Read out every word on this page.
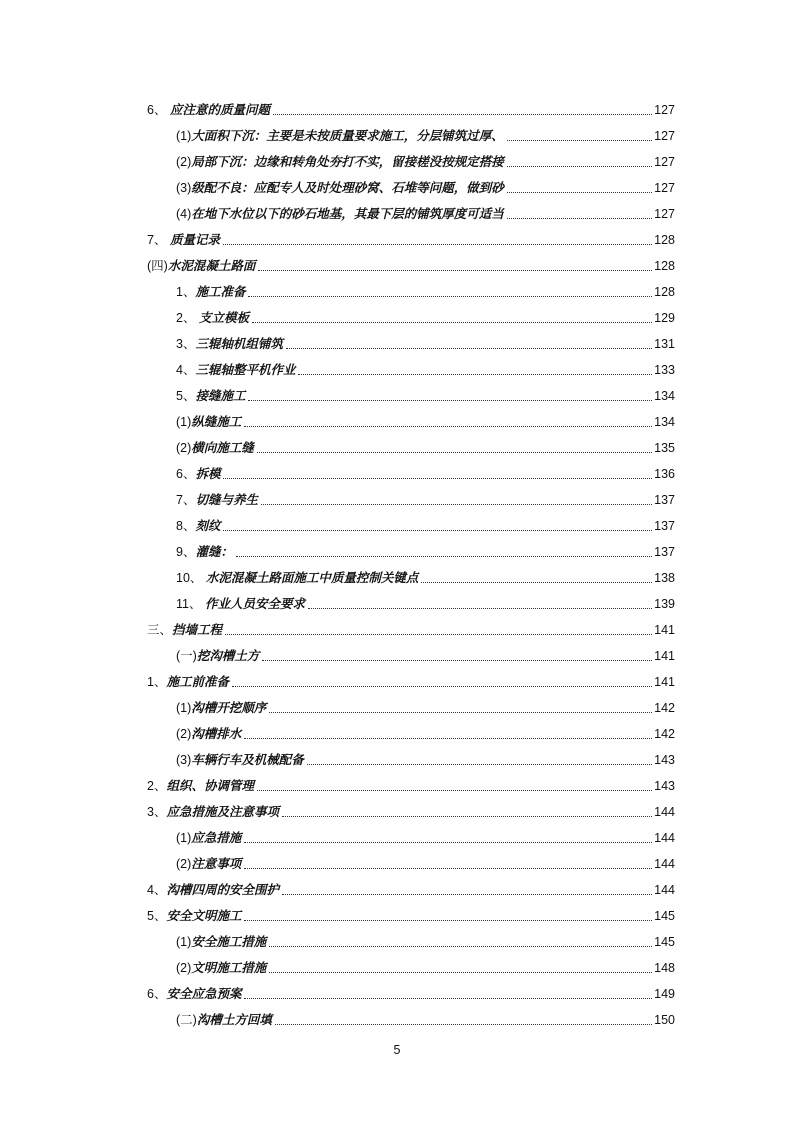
6、 应注意的质量问题	127
(1)大面积下沉：主要是未按质量要求施工，分层铺筑过厚、	127
(2)局部下沉：边缘和转角处夯打不实，留接槎没按规定搭接	127
(3)级配不良：应配专人及时处理砂窝、石堆等问题，做到砂	127
(4)在地下水位以下的砂石地基，其最下层的铺筑厚度可适当	127
7、 质量记录	128
(四)水泥混凝土路面	128
1、施工准备	128
2、 支立模板	129
3、三辊轴机组铺筑	131
4、三辊轴整平机作业	133
5、接缝施工	134
(1)纵缝施工	134
(2)横向施工缝	135
6、拆模	136
7、切缝与养生	137
8、刻纹	137
9、灌缝：	137
10、 水泥混凝土路面施工中质量控制关键点	138
11、 作业人员安全要求	139
三、挡墙工程	141
(一)挖沟槽土方	141
1、施工前准备	141
(1)沟槽开挖顺序	142
(2)沟槽排水	142
(3)车辆行车及机械配备	143
2、组织、协调管理	143
3、应急措施及注意事项	144
(1)应急措施	144
(2)注意事项	144
4、沟槽四周的安全围护	144
5、安全文明施工	145
(1)安全施工措施	145
(2)文明施工措施	148
6、安全应急预案	149
(二)沟槽土方回填	150
5
